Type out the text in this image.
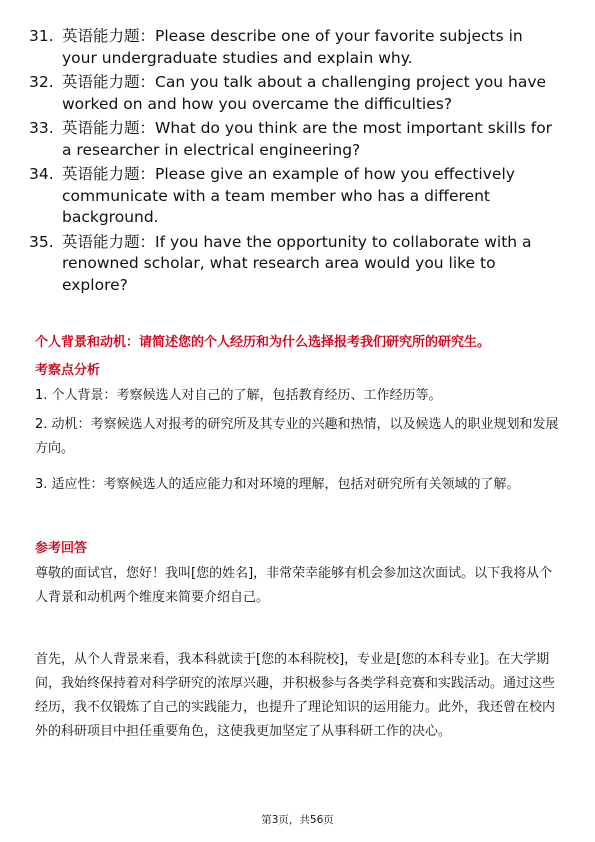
31. 英语能力题：Please describe one of your favorite subjects in your undergraduate studies and explain why.
32. 英语能力题：Can you talk about a challenging project you have worked on and how you overcame the difficulties?
33. 英语能力题：What do you think are the most important skills for a researcher in electrical engineering?
34. 英语能力题：Please give an example of how you effectively communicate with a team member who has a different background.
35. 英语能力题：If you have the opportunity to collaborate with a renowned scholar, what research area would you like to explore?
个人背景和动机：请简述您的个人经历和为什么选择报考我们研究所的研究生。
考察点分析
1. 个人背景：考察候选人对自己的了解，包括教育经历、工作经历等。
2. 动机：考察候选人对报考的研究所及其专业的兴趣和热情，以及候选人的职业规划和发展方向。
3. 适应性：考察候选人的适应能力和对环境的理解，包括对研究所有关领域的了解。
参考回答
尊敬的面试官，您好！我叫[您的姓名]，非常荣幸能够有机会参加这次面试。以下我将从个人背景和动机两个维度来简要介绍自己。
首先，从个人背景来看，我本科就读于[您的本科院校]，专业是[您的本科专业]。在大学期间，我始终保持着对科学研究的浓厚兴趣，并积极参与各类学科竞赛和实践活动。通过这些经历，我不仅锻炼了自己的实践能力，也提升了理论知识的运用能力。此外，我还曾在校内外的科研项目中担任重要角色，这使我更加坚定了从事科研工作的决心。
第3页，共56页
